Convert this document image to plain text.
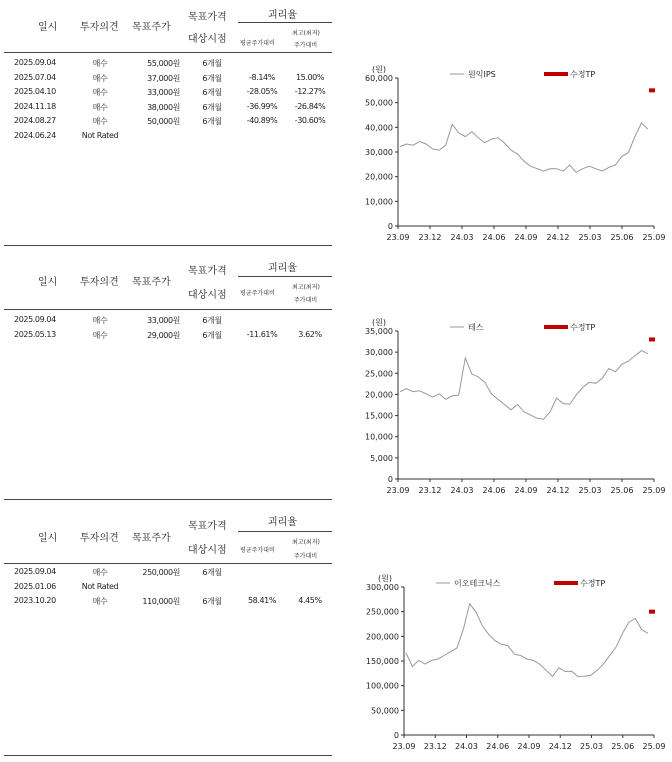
일시 투자의견 목표주가
목표가격
대상시점
괴리율
평균주가대비
최고(최저)
주가대비
2025.09.04	매수	55,000원	6개월
2025.07.04	매수	37,000원	6개월	-8.14%	15.00%
2025.04.10	매수	33,000원	6개월	-28.05%	-12.27%
2024.11.18	매수	38,000원	6개월	-36.99%	-26.84%
2024.08.27	매수	50,000원	6개월	-40.89%	-30.60%
2024.06.24	Not Rated
(원)
0
10,000
20,000
30,000
40,000
50,000
60,000
23.09 23.12 24.03 24.06 24.09 24.12 25.03 25.06 25.09
원익IPS	수정TP
일시 투자의견 목표주가
목표가격
대상시점
괴리율
평균주가대비
최고(최저)
주가대비
2025.09.04	매수	33,000원	6개월
2025.05.13	매수	29,000원	6개월	-11.61%	3.62%
(원)
0
5,000
10,000
15,000
20,000
25,000
30,000
35,000
23.09 23.12 24.03 24.06 24.09 24.12 25.03 25.06 25.09
테스	수정TP
일시 투자의견 목표주가
목표가격
대상시점
괴리율
평균주가대비
최고(최저)
주가대비
2025.09.04	매수	250,000원	6개월
2025.01.06	Not Rated
2023.10.20	매수	110,000원	6개월	58.41%	4.45%
(원)
0
50,000
100,000
150,000
200,000
250,000
300,000
23.09 23.12 24.03 24.06 24.09 24.12 25.03 25.06 25.09
이오테크닉스	수정TP
